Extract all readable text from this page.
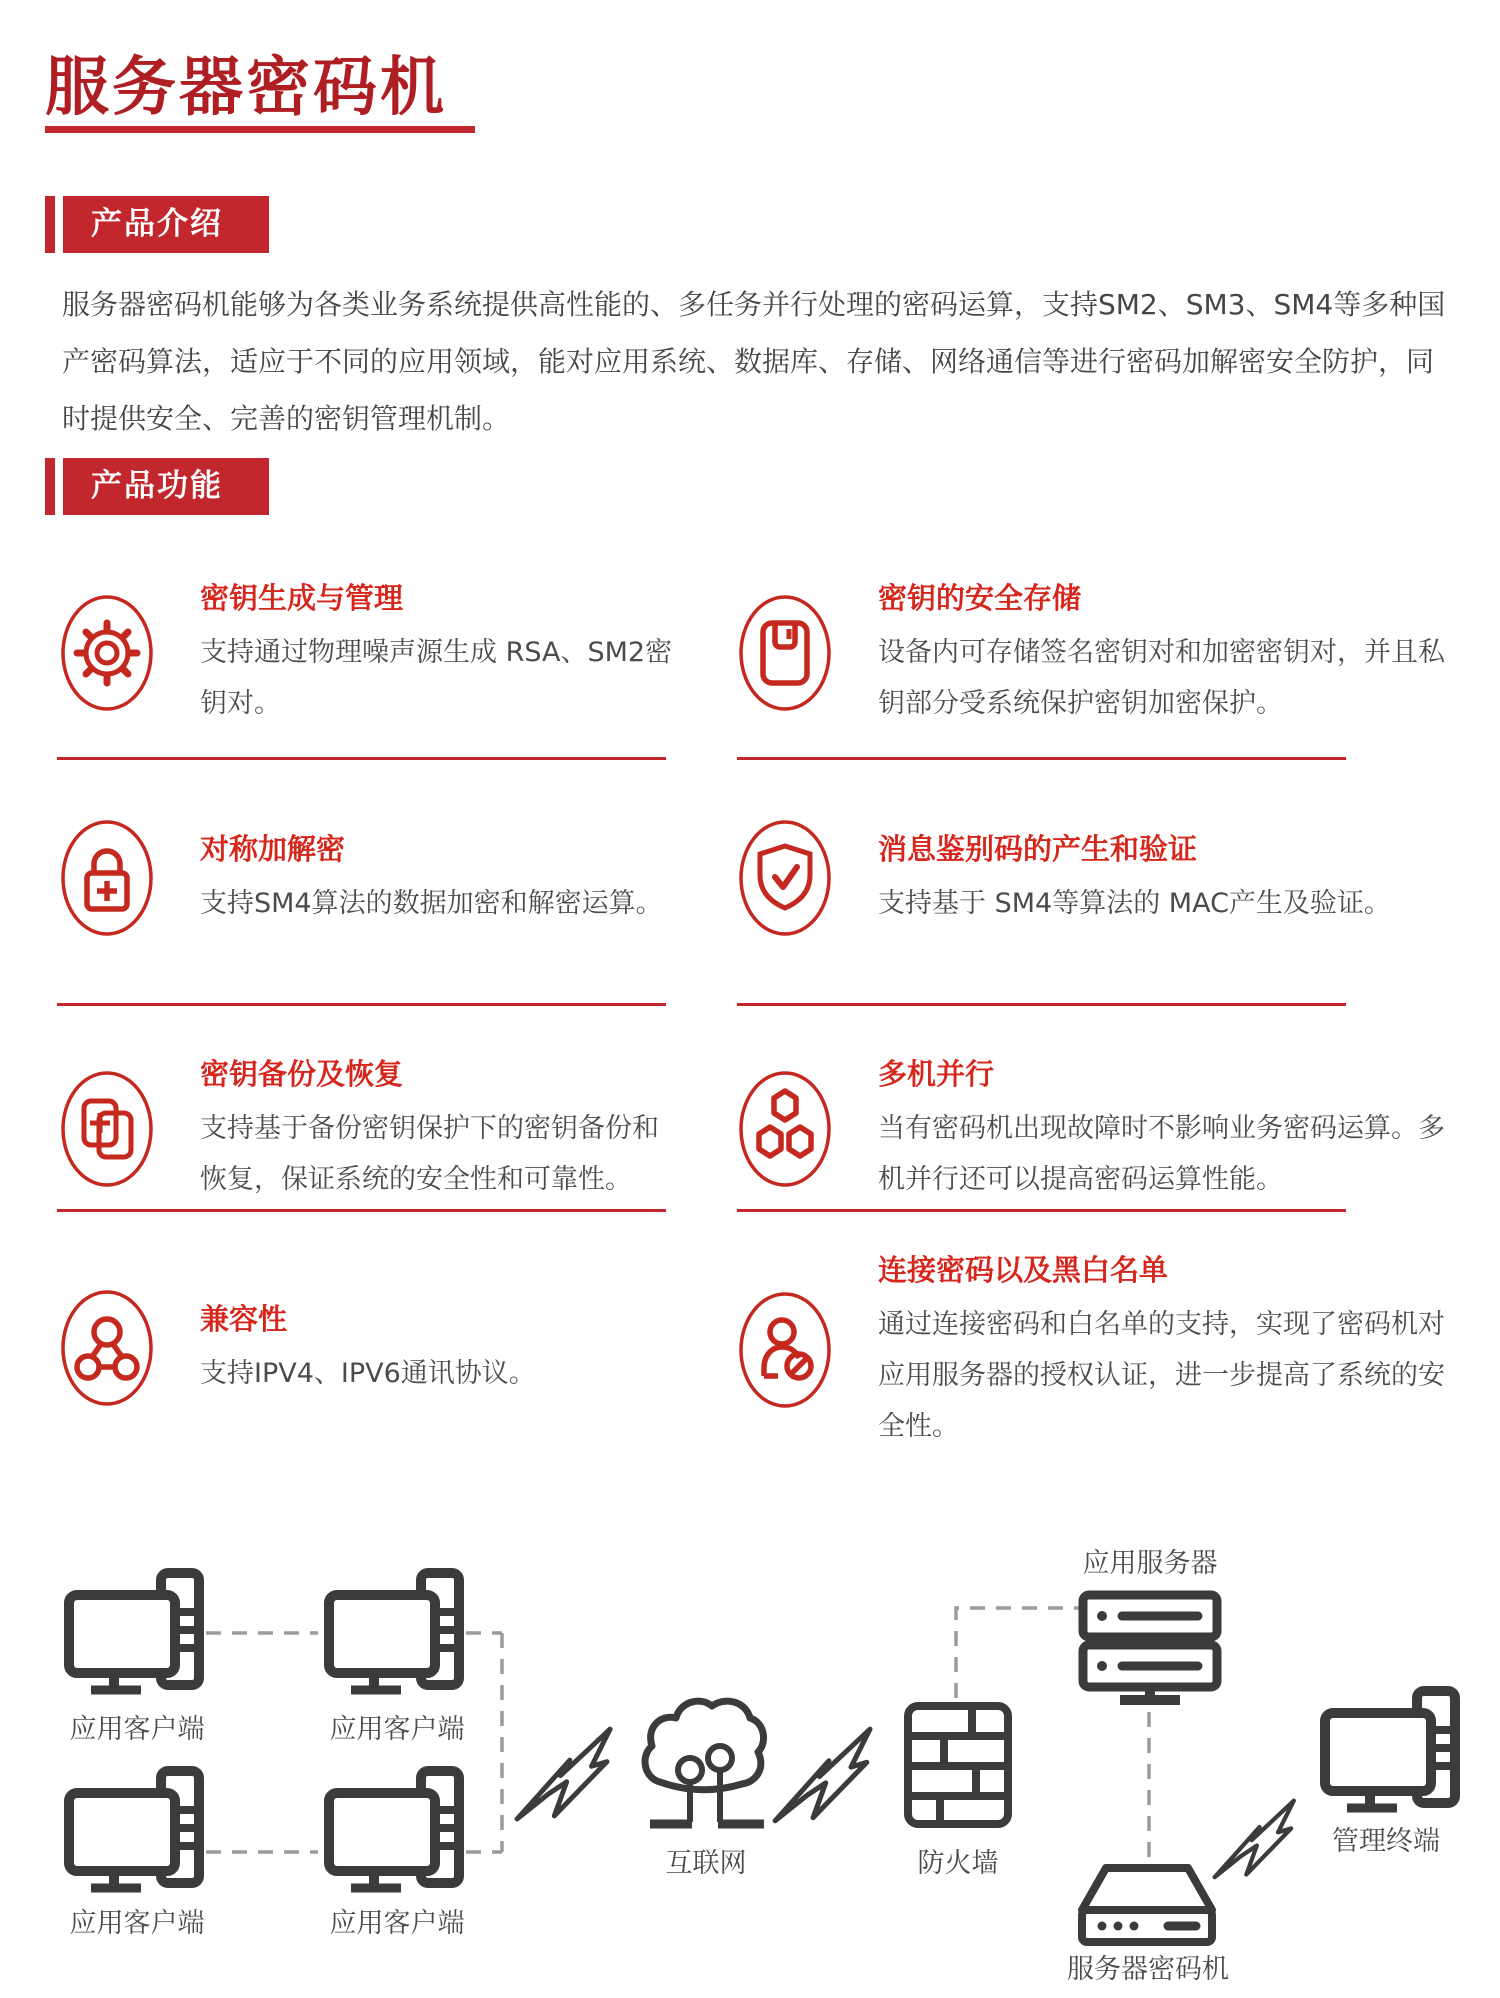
服务器密码机
产品介绍

服务器密码机能够为各类业务系统提供高性能的、多任务并行处理的密码运算，支持SM2、SM3、SM4等多种国产密码算法，适应于不同的应用领域，能对应用系统、数据库、存储、网络通信等进行密码加解密安全防护，同时提供安全、完善的密钥管理机制。

产品功能
密钥生成与管理

支持通过物理噪声源生成 RSA、SM2密钥对。

密钥的安全存储

设备内可存储签名密钥对和加密密钥对，并且私钥部分受系统保护密钥加密保护。

对称加解密

支持SM4算法的数据加密和解密运算。

消息鉴别码的产生和验证

支持基于 SM4等算法的 MAC产生及验证。

密钥备份及恢复

支持基于备份密钥保护下的密钥备份和恢复，保证系统的安全性和可靠性。

多机并行

当有密码机出现故障时不影响业务密码运算。多机并行还可以提高密码运算性能。

兼容性

支持IPV4、IPV6通讯协议。

连接密码以及黑白名单

通过连接密码和白名单的支持，实现了密码机对应用服务器的授权认证，进一步提高了系统的安全性。

应用客户端	应用客户端
应用客户端	应用客户端
互联网	防火墙
应用服务器
服务器密码机
管理终端
